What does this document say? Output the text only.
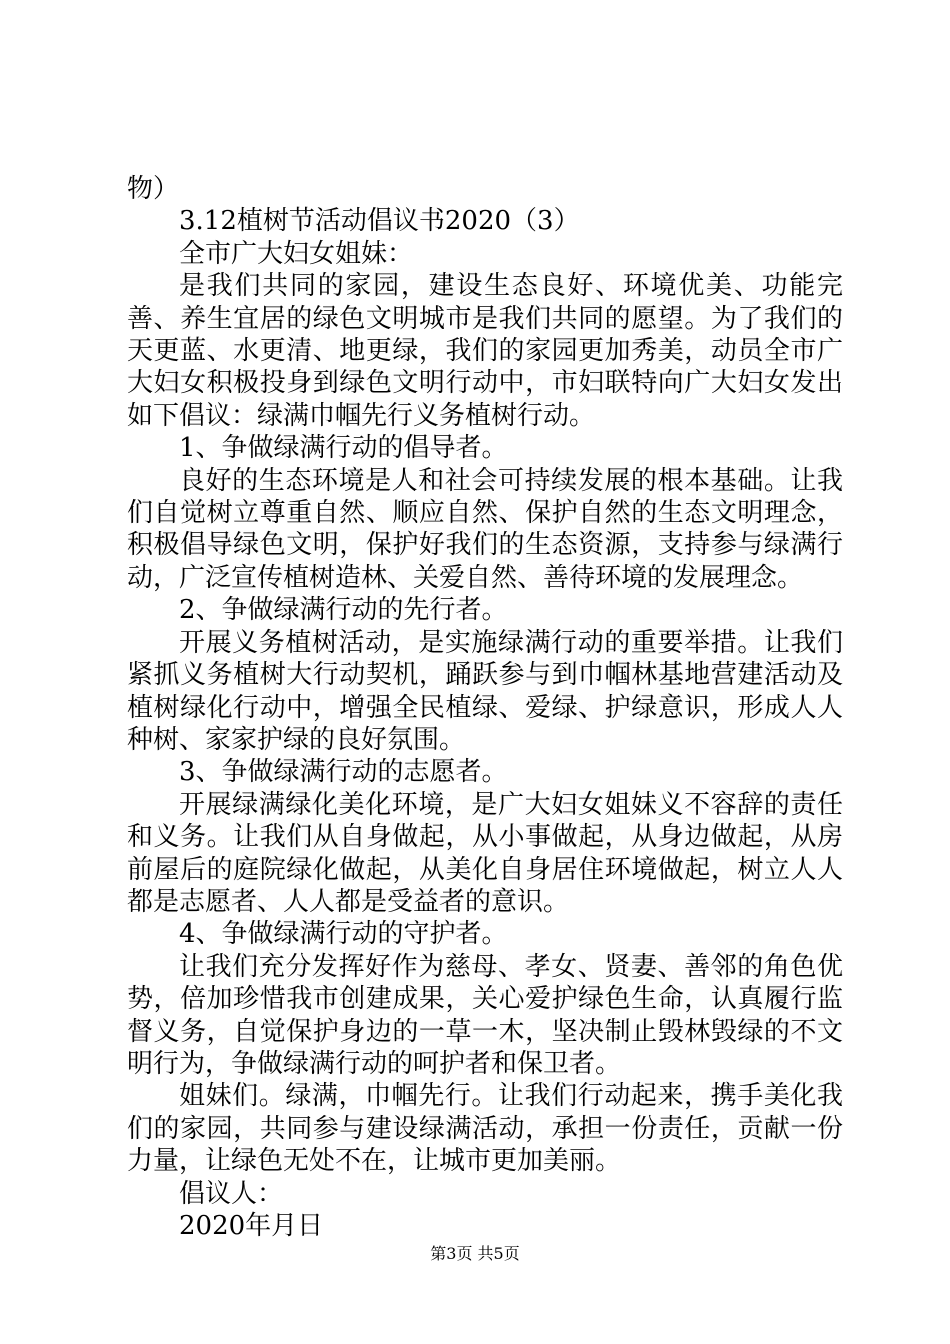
物）

3.12植树节活动倡议书2020（3）

全市广大妇女姐妹：

是我们共同的家园，建设生态良好、环境优美、功能完善、养生宜居的绿色文明城市是我们共同的愿望。为了我们的天更蓝、水更清、地更绿，我们的家园更加秀美，动员全市广大妇女积极投身到绿色文明行动中，市妇联特向广大妇女发出如下倡议：绿满巾帼先行义务植树行动。

1、争做绿满行动的倡导者。

良好的生态环境是人和社会可持续发展的根本基础。让我们自觉树立尊重自然、顺应自然、保护自然的生态文明理念，积极倡导绿色文明，保护好我们的生态资源，支持参与绿满行动，广泛宣传植树造林、关爱自然、善待环境的发展理念。

2、争做绿满行动的先行者。

开展义务植树活动，是实施绿满行动的重要举措。让我们紧抓义务植树大行动契机，踊跃参与到巾帼林基地营建活动及植树绿化行动中，增强全民植绿、爱绿、护绿意识，形成人人种树、家家护绿的良好氛围。

3、争做绿满行动的志愿者。

开展绿满绿化美化环境，是广大妇女姐妹义不容辞的责任和义务。让我们从自身做起，从小事做起，从身边做起，从房前屋后的庭院绿化做起，从美化自身居住环境做起，树立人人都是志愿者、人人都是受益者的意识。

4、争做绿满行动的守护者。

让我们充分发挥好作为慈母、孝女、贤妻、善邻的角色优势，倍加珍惜我市创建成果，关心爱护绿色生命，认真履行监督义务，自觉保护身边的一草一木，坚决制止毁林毁绿的不文明行为，争做绿满行动的呵护者和保卫者。

姐妹们。绿满，巾帼先行。让我们行动起来，携手美化我们的家园，共同参与建设绿满活动，承担一份责任，贡献一份力量，让绿色无处不在，让城市更加美丽。

倡议人：

2020年月日

第3页 共5页
